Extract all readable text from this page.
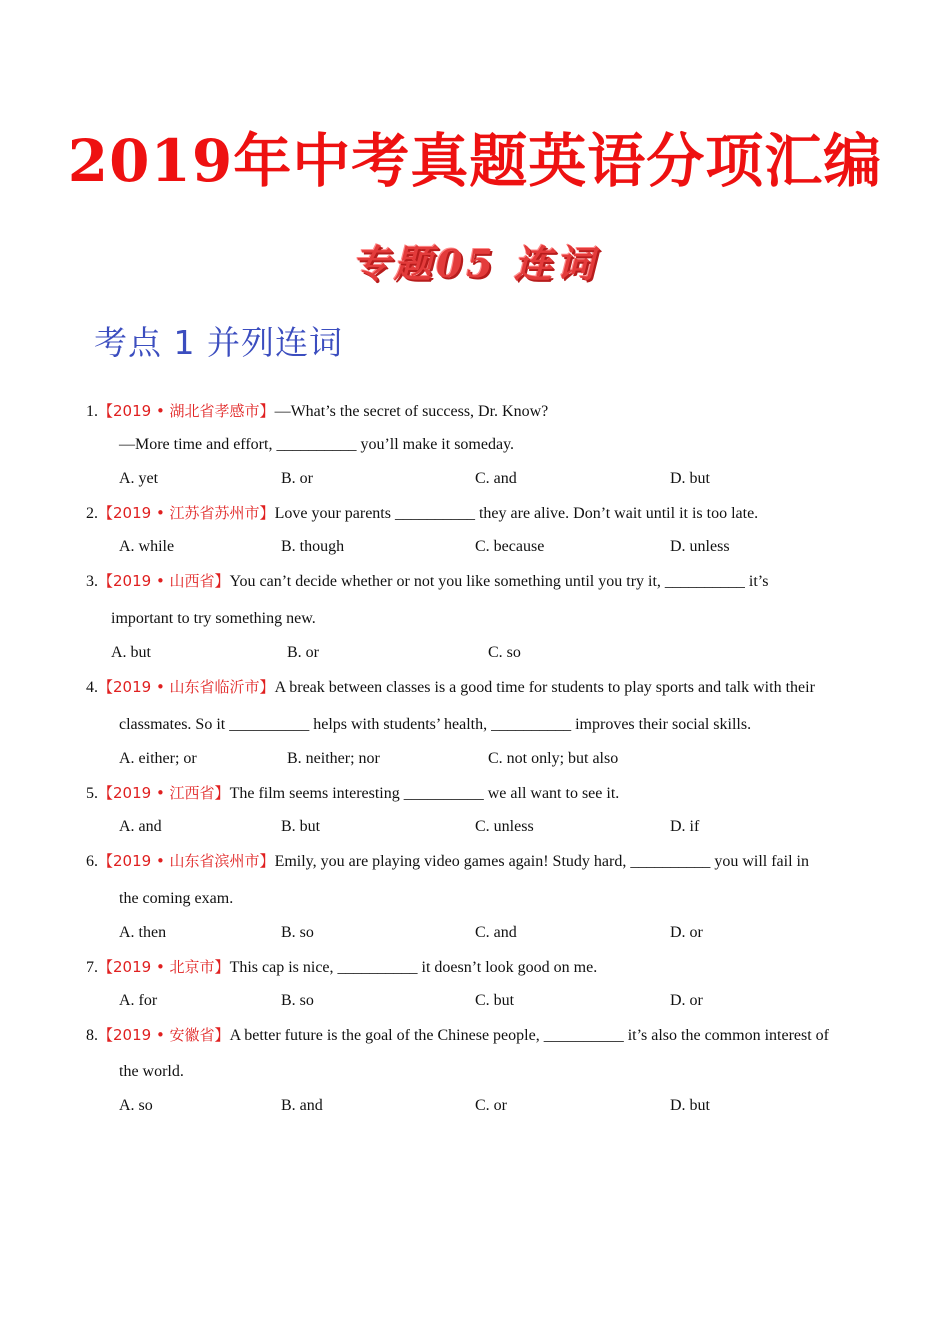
2019年中考真题英语分项汇编
专题05 连词
考点 1 并列连词
1.【2019 • 湖北省孝感市】—What’s the secret of success, Dr. Know?
—More time and effort, __________ you’ll make it someday.
A. yet	B. or	C. and	D. but
2.【2019 • 江苏省苏州市】Love your parents __________ they are alive. Don’t wait until it is too late.
A. while	B. though	C. because	D. unless
3.【2019 • 山西省】You can’t decide whether or not you like something until you try it, __________ it’s
important to try something new.
A. but	B. or	C. so
4.【2019 • 山东省临沂市】A break between classes is a good time for students to play sports and talk with their
classmates. So it __________ helps with students’ health, __________ improves their social skills.
A. either; or	B. neither; nor	C. not only; but also
5.【2019 • 江西省】The film seems interesting __________ we all want to see it.
A. and	B. but	C. unless	D. if
6.【2019 • 山东省滨州市】Emily, you are playing video games again! Study hard, __________ you will fail in
the coming exam.
A. then	B. so	C. and	D. or
7.【2019 • 北京市】This cap is nice, __________ it doesn’t look good on me.
A. for	B. so	C. but	D. or
8.【2019 • 安徽省】A better future is the goal of the Chinese people, __________ it’s also the common interest of
the world.
A. so	B. and	C. or	D. but
